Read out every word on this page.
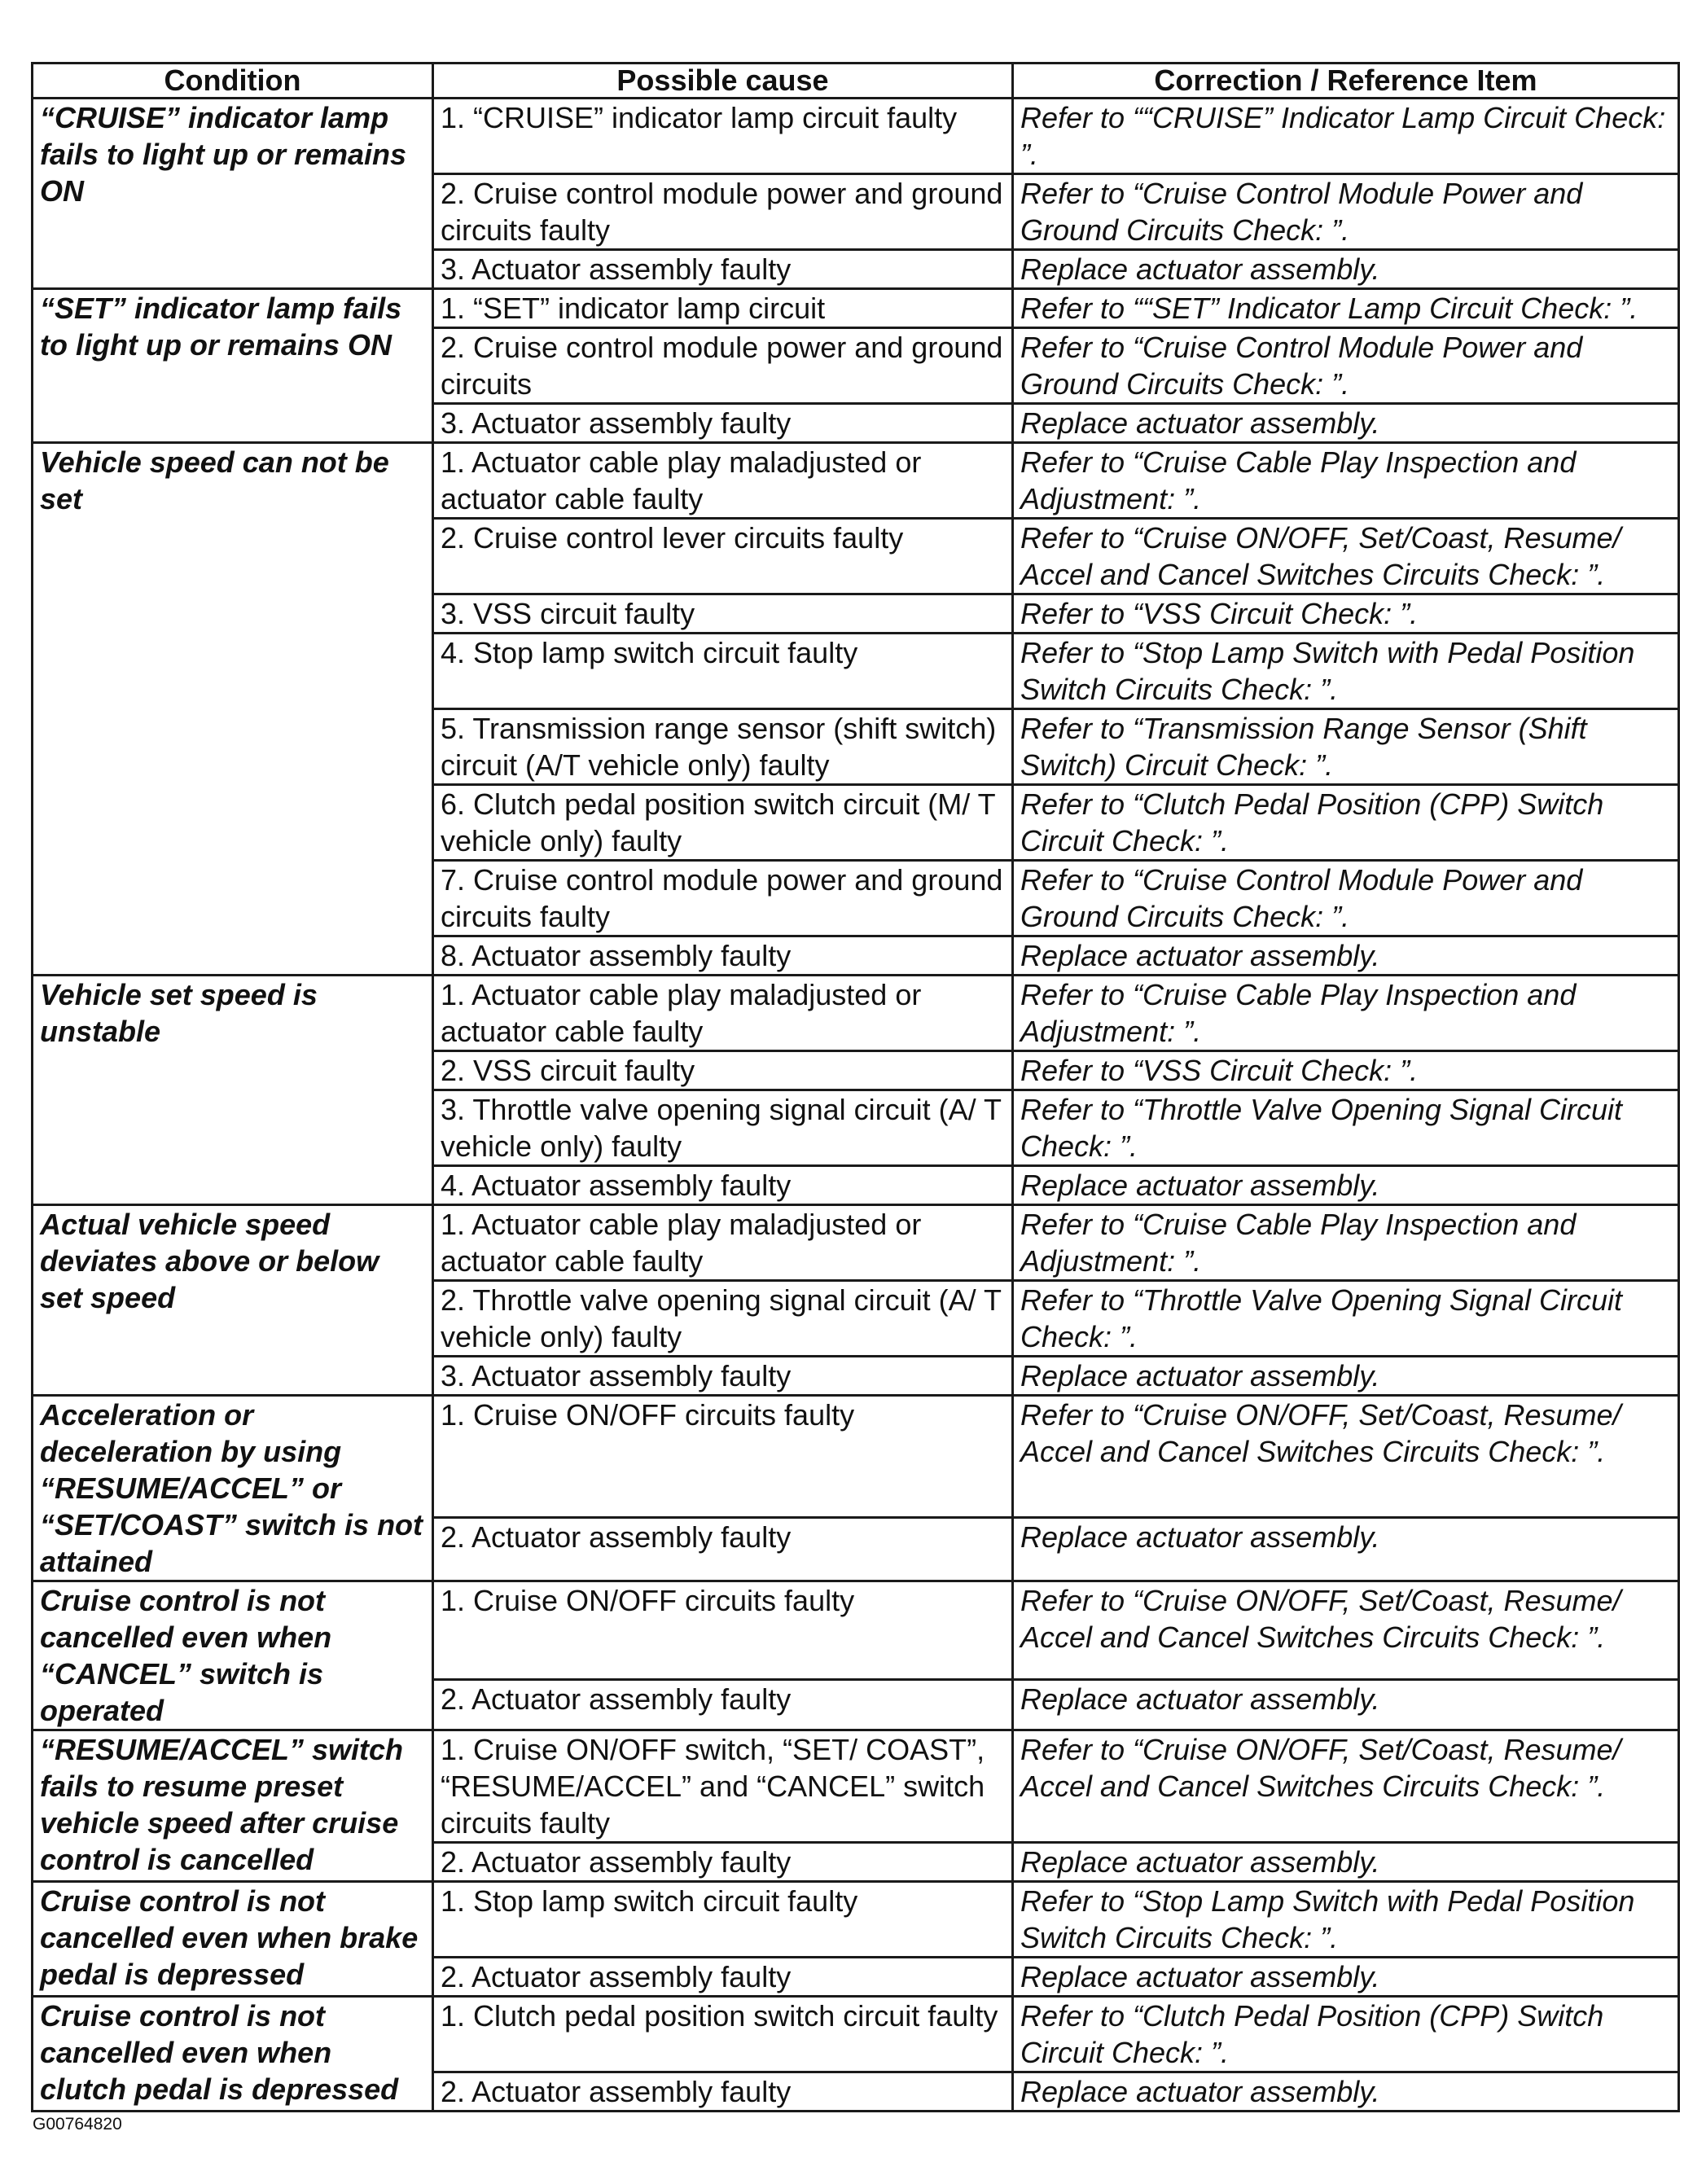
Condition	Possible cause	Correction / Reference Item
“CRUISE” indicator lamp fails to light up or remains ON	1. “CRUISE” indicator lamp circuit faulty	Refer to ““CRUISE” Indicator Lamp Circuit Check: ”.
	2. Cruise control module power and ground circuits faulty	Refer to “Cruise Control Module Power and Ground Circuits Check: ”.
	3. Actuator assembly faulty	Replace actuator assembly.
“SET” indicator lamp fails to light up or remains ON	1. “SET” indicator lamp circuit	Refer to ““SET” Indicator Lamp Circuit Check: ”.
	2. Cruise control module power and ground circuits	Refer to “Cruise Control Module Power and Ground Circuits Check: ”.
	3. Actuator assembly faulty	Replace actuator assembly.
Vehicle speed can not be set	1. Actuator cable play maladjusted or actuator cable faulty	Refer to “Cruise Cable Play Inspection and Adjustment: ”.
	2. Cruise control lever circuits faulty	Refer to “Cruise ON/OFF, Set/Coast, Resume/ Accel and Cancel Switches Circuits Check: ”.
	3. VSS circuit faulty	Refer to “VSS Circuit Check: ”.
	4. Stop lamp switch circuit faulty	Refer to “Stop Lamp Switch with Pedal Position Switch Circuits Check: ”.
	5. Transmission range sensor (shift switch) circuit (A/T vehicle only) faulty	Refer to “Transmission Range Sensor (Shift Switch) Circuit Check: ”.
	6. Clutch pedal position switch circuit (M/ T vehicle only) faulty	Refer to “Clutch Pedal Position (CPP) Switch Circuit Check: ”.
	7. Cruise control module power and ground circuits faulty	Refer to “Cruise Control Module Power and Ground Circuits Check: ”.
	8. Actuator assembly faulty	Replace actuator assembly.
Vehicle set speed is unstable	1. Actuator cable play maladjusted or actuator cable faulty	Refer to “Cruise Cable Play Inspection and Adjustment: ”.
	2. VSS circuit faulty	Refer to “VSS Circuit Check: ”.
	3. Throttle valve opening signal circuit (A/ T vehicle only) faulty	Refer to “Throttle Valve Opening Signal Circuit Check: ”.
	4. Actuator assembly faulty	Replace actuator assembly.
Actual vehicle speed deviates above or below set speed	1. Actuator cable play maladjusted or actuator cable faulty	Refer to “Cruise Cable Play Inspection and Adjustment: ”.
	2. Throttle valve opening signal circuit (A/ T vehicle only) faulty	Refer to “Throttle Valve Opening Signal Circuit Check: ”.
	3. Actuator assembly faulty	Replace actuator assembly.
Acceleration or deceleration by using “RESUME/ACCEL” or “SET/COAST” switch is not attained	1. Cruise ON/OFF circuits faulty	Refer to “Cruise ON/OFF, Set/Coast, Resume/ Accel and Cancel Switches Circuits Check: ”.
	2. Actuator assembly faulty	Replace actuator assembly.
Cruise control is not cancelled even when “CANCEL” switch is operated	1. Cruise ON/OFF circuits faulty	Refer to “Cruise ON/OFF, Set/Coast, Resume/ Accel and Cancel Switches Circuits Check: ”.
	2. Actuator assembly faulty	Replace actuator assembly.
“RESUME/ACCEL” switch fails to resume preset vehicle speed after cruise control is cancelled	1. Cruise ON/OFF switch, “SET/ COAST”, “RESUME/ACCEL” and “CANCEL” switch circuits faulty	Refer to “Cruise ON/OFF, Set/Coast, Resume/ Accel and Cancel Switches Circuits Check: ”.
	2. Actuator assembly faulty	Replace actuator assembly.
Cruise control is not cancelled even when brake pedal is depressed	1. Stop lamp switch circuit faulty	Refer to “Stop Lamp Switch with Pedal Position Switch Circuits Check: ”.
	2. Actuator assembly faulty	Replace actuator assembly.
Cruise control is not cancelled even when clutch pedal is depressed	1. Clutch pedal position switch circuit faulty	Refer to “Clutch Pedal Position (CPP) Switch Circuit Check: ”.
	2. Actuator assembly faulty	Replace actuator assembly.
G00764820
